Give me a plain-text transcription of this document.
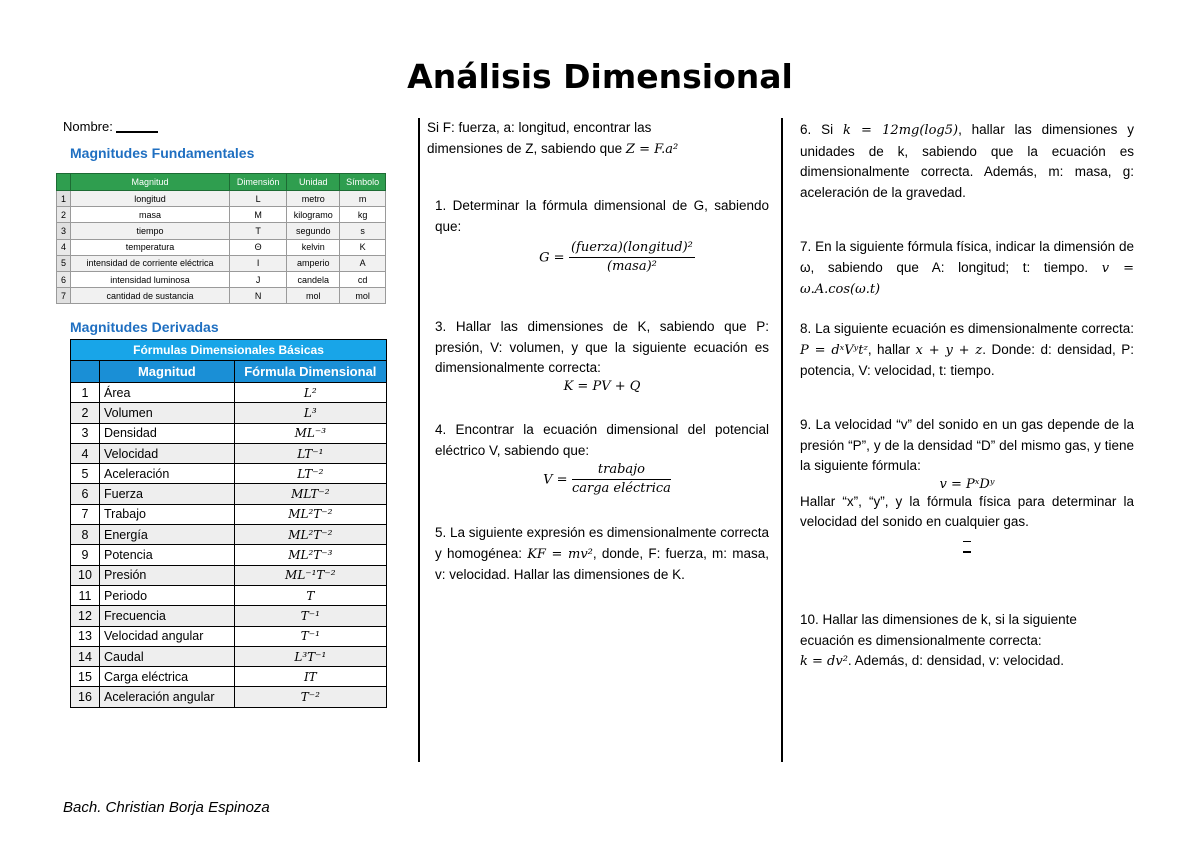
Análisis Dimensional
Nombre:
Magnitudes Fundamentales
	Magnitud	Dimensión	Unidad	Símbolo
1	longitud	L	metro	m
2	masa	M	kilogramo	kg
3	tiempo	T	segundo	s
4	temperatura	Θ	kelvin	K
5	intensidad de corriente eléctrica	I	amperio	A
6	intensidad luminosa	J	candela	cd
7	cantidad de sustancia	N	mol	mol
Magnitudes Derivadas
Fórmulas Dimensionales Básicas		
	Magnitud	Fórmula Dimensional
1	Área	L²
2	Volumen	L³
3	Densidad	ML⁻³
4	Velocidad	LT⁻¹
5	Aceleración	LT⁻²
6	Fuerza	MLT⁻²
7	Trabajo	ML²T⁻²
8	Energía	ML²T⁻²
9	Potencia	ML²T⁻³
10	Presión	ML⁻¹T⁻²
11	Periodo	T
12	Frecuencia	T⁻¹
13	Velocidad angular	T⁻¹
14	Caudal	L³T⁻¹
15	Carga eléctrica	IT
16	Aceleración angular	T⁻²
Si F: fuerza, a: longitud, encontrar las dimensiones de Z, sabiendo que Z = F.a²
1. Determinar la fórmula dimensional de G, sabiendo que:
$G = \frac{\text{(fuerza)(longitud)²}}{\text{(masa)²}}$
3. Hallar las dimensiones de K, sabiendo que P: presión, V: volumen, y que la siguiente ecuación es dimensionalmente correcta:
K = PV + Q
4. Encontrar la ecuación dimensional del potencial eléctrico V, sabiendo que:
$V = \frac{\text{trabajo}}{\text{carga eléctrica}}$
5. La siguiente expresión es dimensionalmente correcta y homogénea: KF = mv², donde, F: fuerza, m: masa, v: velocidad. Hallar las dimensiones de K.
6. Si k = 12mg(log5), hallar las dimensiones y unidades de k, sabiendo que la ecuación es dimensionalmente correcta. Además, m: masa, g: aceleración de la gravedad.
7. En la siguiente fórmula física, indicar la dimensión de ω, sabiendo que A: longitud; t: tiempo. v = ω.A.cos(ω.t)
8. La siguiente ecuación es dimensionalmente correcta: P = dˣVʸtᶻ, hallar x + y + z. Donde: d: densidad, P: potencia, V: velocidad, t: tiempo.
9. La velocidad “v” del sonido en un gas depende de la presión “P”, y de la densidad “D” del mismo gas, y tiene la siguiente fórmula:
v = PˣDʸ
Hallar “x”, “y”, y la fórmula física para determinar la velocidad del sonido en cualquier gas.
10. Hallar las dimensiones de k, si la siguiente ecuación es dimensionalmente correcta:
k = dv². Además, d: densidad, v: velocidad.
Bach. Christian Borja Espinoza
